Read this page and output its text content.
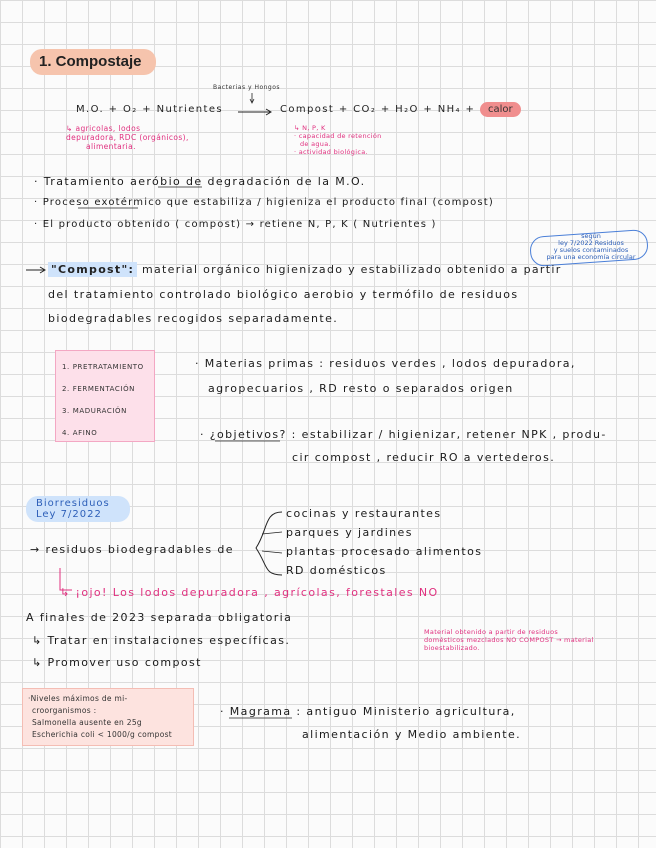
1. Compostaje
Bacterias y Hongos
M.O. + O₂ + Nutrientes	Compost + CO₂ + H₂O + NH₄ +	calor
↳ agricolas, lodos
depuradora, RDC (orgánicos),
alimentaria.
↳ N, P, K
· capacidad de retención
de agua.
· actividad biológica.
· Tratamiento aeróbio de degradación de la M.O.
· Proceso exotérmico que estabiliza / higieniza el producto final (compost)
· El producto obtenido ( compost) → retiene N, P, K ( Nutrientes )
según
ley 7/2022 Residuos
y suelos contaminados
para una economía circular
"Compost": material orgánico higienizado y estabilizado obtenido a partir
del tratamiento controlado biológico aerobio y termófilo de residuos
biodegradables recogidos separadamente.
1. PRETRATAMIENTO
2. FERMENTACIÓN
3. MADURACIÓN
4. AFINO
· Materias primas : residuos verdes , lodos depuradora,
agropecuarios , RD resto o separados origen
· ¿objetivos? : estabilizar / higienizar, retener NPK , produ-
cir compost , reducir RO a vertederos.
Biorresiduos
Ley 7/2022
→ residuos biodegradables de
cocinas y restaurantes
parques y jardines
plantas procesado alimentos
RD domésticos
↳ ¡ojo! Los lodos depuradora , agrícolas, forestales NO
A finales de 2023 separada obligatoria
↳ Tratar en instalaciones específicas.
↳ Promover uso compost
Material obtenido a partir de residuos domésticos mezclados NO COMPOST → material bioestabilizado.
·Niveles máximos de mi-
croorganismos :
Salmonella ausente en 25g
Escherichia coli < 1000/g compost
· Magrama : antiguo Ministerio agricultura,
alimentación y Medio ambiente.
